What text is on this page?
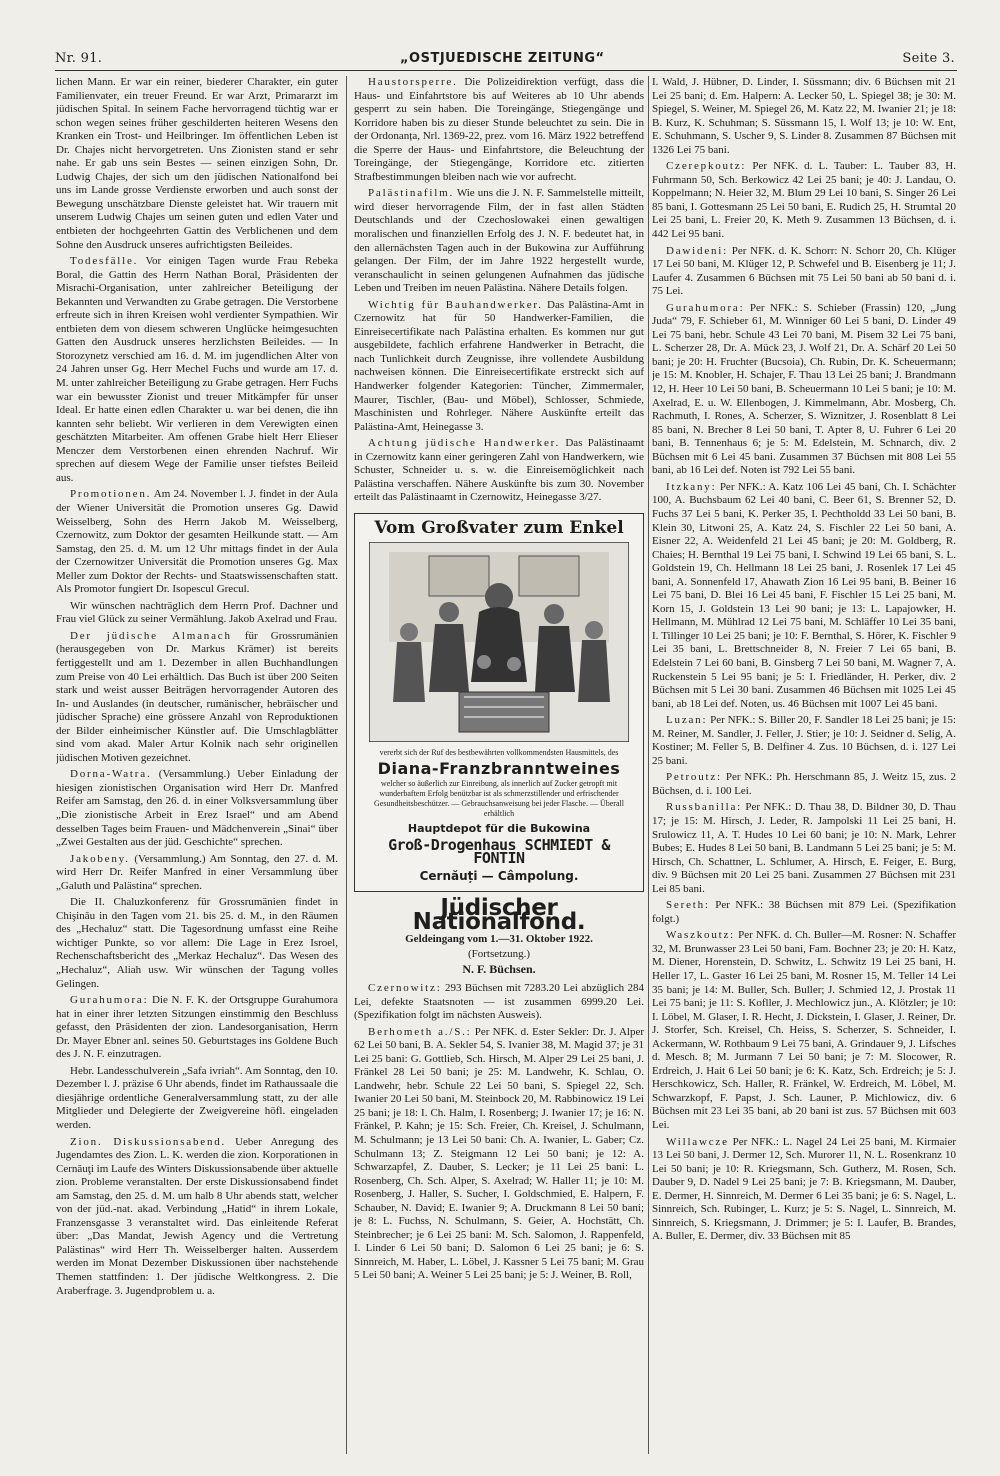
Nr. 91.	„OSTJUEDISCHE ZEITUNG“	Seite 3.

lichen Mann. Er war ein reiner, biederer Charakter, ein guter Familienvater, ein treuer Freund. Er war Arzt, Primararzt im jüdischen Spital. In seinem Fache hervorragend tüchtig war er schon wegen seines früher geschilderten heiteren Wesens den Kranken ein Trost- und Heilbringer. Im öffentlichen Leben ist Dr. Chajes nicht hervorgetreten. Uns Zionisten stand er sehr nahe. Er gab uns sein Bestes — seinen einzigen Sohn, Dr. Ludwig Chajes, der sich um den jüdischen Nationalfond bei uns im Lande grosse Verdienste erworben und auch sonst der Bewegung unschätzbare Dienste geleistet hat. Wir trauern mit unserem Ludwig Chajes um seinen guten und edlen Vater und entbieten der hochgeehrten Gattin des Verblichenen und dem Sohne den Ausdruck unseres aufrichtigsten Beileides.

Todesfälle. Vor einigen Tagen wurde Frau Rebeka Boral, die Gattin des Herrn Nathan Boral, Präsidenten der Misrachi-Organisation, unter zahlreicher Beteiligung der Bekannten und Verwandten zu Grabe getragen. Die Verstorbene erfreute sich in ihren Kreisen wohl verdienter Sympathien. Wir entbieten dem von diesem schweren Unglücke heimgesuchten Gatten den Ausdruck unseres herzlichsten Beileides. — In Storozynetz verschied am 16. d. M. im jugendlichen Alter von 24 Jahren unser Gg. Herr Mechel Fuchs und wurde am 17. d. M. unter zahlreicher Beteiligung zu Grabe getragen. Herr Fuchs war ein bewusster Zionist und treuer Mitkämpfer für unser Ideal. Er hatte einen edlen Charakter u. war bei denen, die ihn kannten sehr beliebt. Wir verlieren in dem Verewigten einen geschätzten Mitarbeiter. Am offenen Grabe hielt Herr Elieser Menczer dem Verstorbenen einen ehrenden Nachruf. Wir sprechen auf diesem Wege der Familie unser tiefstes Beileid aus.

Promotionen. Am 24. November l. J. findet in der Aula der Wiener Universität die Promotion unseres Gg. Dawid Weisselberg, Sohn des Herrn Jakob M. Weisselberg, Czernowitz, zum Doktor der gesamten Heilkunde statt. — Am Samstag, den 25. d. M. um 12 Uhr mittags findet in der Aula der Czernowitzer Universität die Promotion unseres Gg. Max Meller zum Doktor der Rechts- und Staatswissenschaften statt. Als Promotor fungiert Dr. Isopescul Grecul.

Wir wünschen nachträglich dem Herrn Prof. Dachner und Frau viel Glück zu seiner Vermählung. Jakob Axelrad und Frau.

Der jüdische Almanach für Grossrumänien (herausgegeben von Dr. Markus Krämer) ist bereits fertiggestellt und am 1. Dezember in allen Buchhandlungen zum Preise von 40 Lei erhältlich. Das Buch ist über 200 Seiten stark und weist ausser Beiträgen hervorragender Autoren des In- und Auslandes (in deutscher, rumänischer, hebräischer und jüdischer Sprache) eine grössere Anzahl von Reproduktionen der Bilder einheimischer Künstler auf. Die Umschlagblätter sind vom akad. Maler Artur Kolnik nach sehr originellen jüdischen Motiven gezeichnet.

Dorna-Watra. (Versammlung.) Ueber Einladung der hiesigen zionistischen Organisation wird Herr Dr. Manfred Reifer am Samstag, den 26. d. in einer Volksversammlung über „Die zionistische Arbeit in Erez Israel“ und am Abend desselben Tages beim Frauen- und Mädchenverein „Sinai“ über „Zwei Gestalten aus der jüd. Geschichte“ sprechen.

Jakobeny. (Versammlung.) Am Sonntag, den 27. d. M. wird Herr Dr. Reifer Manfred in einer Versammlung über „Galuth und Palästina“ sprechen.

Die II. Chaluzkonferenz für Grossrumänien findet in Chişinău in den Tagen vom 21. bis 25. d. M., in den Räumen des „Hechaluz“ statt. Die Tagesordnung umfasst eine Reihe wichtiger Punkte, so vor allem: Die Lage in Erez Isroel, Rechenschaftsbericht des „Merkaz Hechaluz“. Das Wesen des „Hechaluz“, Aliah usw. Wir wünschen der Tagung volles Gelingen.

Gurahumora: Die N. F. K. der Ortsgruppe Gurahumora hat in einer ihrer letzten Sitzungen einstimmig den Beschluss gefasst, den Präsidenten der zion. Landesorganisation, Herrn Dr. Mayer Ebner anl. seines 50. Geburtstages ins Goldene Buch des J. N. F. einzutragen.

Hebr. Landesschulverein „Safa ivriah“. Am Sonntag, den 10. Dezember l. J. präzise 6 Uhr abends, findet im Rathaussaale die diesjährige ordentliche Generalversammlung statt, zu der alle Mitglieder und Delegierte der Zweigvereine höfl. eingeladen werden.

Zion. Diskussionsabend. Ueber Anregung des Jugendamtes des Zion. L. K. werden die zion. Korporationen in Cernăuţi im Laufe des Winters Diskussionsabende über aktuelle zion. Probleme veranstalten. Der erste Diskussionsabend findet am Samstag, den 25. d. M. um halb 8 Uhr abends statt, welcher von der jüd.-nat. akad. Verbindung „Hatid“ in ihrem Lokale, Franzensgasse 3 veranstaltet wird. Das einleitende Referat über: „Das Mandat, Jewish Agency und die Vertretung Palästinas“ wird Herr Th. Weisselberger halten. Ausserdem werden im Monat Dezember Diskussionen über nachstehende Themen stattfinden: 1. Der jüdische Weltkongress. 2. Die Araberfrage. 3. Jugendproblem u. a.

Haustorsperre. Die Polizeidirektion verfügt, dass die Haus- und Einfahrtstore bis auf Weiteres ab 10 Uhr abends gesperrt zu sein haben. Die Toreingänge, Stiegengänge und Korridore haben bis zu dieser Stunde beleuchtet zu sein. Die in der Ordonanța, Nrl. 1369-22, prez. vom 16. März 1922 betreffend die Sperre der Haus- und Einfahrtstore, die Beleuchtung der Toreingänge, der Stiegengänge, Korridore etc. zitierten Strafbestimmungen bleiben nach wie vor aufrecht.

Palästinafilm. Wie uns die J. N. F. Sammelstelle mitteilt, wird dieser hervorragende Film, der in fast allen Städten Deutschlands und der Czechoslowakei einen gewaltigen moralischen und finanziellen Erfolg des J. N. F. bedeutet hat, in den allernächsten Tagen auch in der Bukowina zur Aufführung gelangen. Der Film, der im Jahre 1922 hergestellt wurde, veranschaulicht in seinen gelungenen Aufnahmen das jüdische Leben und Treiben im neuen Palästina. Nähere Details folgen.

Wichtig für Bauhandwerker. Das Palästina-Amt in Czernowitz hat für 50 Handwerker-Familien, die Einreisecertifikate nach Palästina erhalten. Es kommen nur gut ausgebildete, fachlich erfahrene Handwerker in Betracht, die nach Tunlichkeit durch Zeugnisse, ihre vollendete Ausbildung nachweisen können. Die Einreisecertifikate erstreckt sich auf Handwerker folgender Kategorien: Tüncher, Zimmermaler, Maurer, Tischler, (Bau- und Möbel), Schlosser, Schmiede, Maschinisten und Rohrleger. Nähere Auskünfte erteilt das Palästina-Amt, Heinegasse 3.

Achtung jüdische Handwerker. Das Palästinaamt in Czernowitz kann einer geringeren Zahl von Handwerkern, wie Schuster, Schneider u. s. w. die Einreisemöglichkeit nach Palästina verschaffen. Nähere Auskünfte bis zum 30. November erteilt das Palästinaamt in Czernowitz, Heinegasse 3/27.

Vom Großvater zum Enkel
vererbt sich der Ruf des bestbewährten vollkommendsten Hausmittels, des
Diana-Franzbranntweines
welcher so äußerlich zur Einreibung, als innerlich auf Zucker getropft mit wunderbaftem Erfolg benützbar ist als schmerzstillender und erfrischender Gesundheitsbeschützer. — Gebrauchsanweisung bei jeder Flasche. — Überall erhältlich
Hauptdepot für die Bukowina
Groß-Drogenhaus SCHMIEDT & FONTIN
Cernăuți — Câmpolung.
Jüdischer Nationalfond.
Geldeingang vom 1.—31. Oktober 1922.
(Fortsetzung.)
N. F. Büchsen.

Czernowitz: 293 Büchsen mit 7283.20 Lei abzüglich 284 Lei, defekte Staatsnoten — ist zusammen 6999.20 Lei. (Spezifikation folgt im nächsten Ausweis).

Berhometh a./S.: Per NFK. d. Ester Sekler: Dr. J. Alper 62 Lei 50 bani, B. A. Sekler 54, S. Ivanier 38, M. Magid 37; je 31 Lei 25 bani: G. Gottlieb, Sch. Hirsch, M. Alper 29 Lei 25 bani, J. Fränkel 28 Lei 50 bani; je 25: M. Landwehr, K. Schlau, O. Landwehr, hebr. Schule 22 Lei 50 bani, S. Spiegel 22, Sch. Iwanier 20 Lei 50 bani, M. Steinbock 20, M. Rabbinowicz 19 Lei 25 bani; je 18: I. Ch. Halm, I. Rosenberg; J. Iwanier 17; je 16: N. Fränkel, P. Kahn; je 15: Sch. Freier, Ch. Kreisel, J. Schulmann, M. Schulmann; je 13 Lei 50 bani: Ch. A. Iwanier, L. Gaber; Cz. Schulmann 13; Z. Steigmann 12 Lei 50 bani; je 12: A. Schwarzapfel, Z. Dauber, S. Lecker; je 11 Lei 25 bani: L. Rosenberg, Ch. Sch. Alper, S. Axelrad; W. Haller 11; je 10: M. Rosenberg, J. Haller, S. Sucher, I. Goldschmied, E. Halpern, F. Schauber, N. David; E. Iwanier 9; A. Druckmann 8 Lei 50 bani; je 8: L. Fuchss, N. Schulmann, S. Geier, A. Hochstätt, Ch. Steinbrecher; je 6 Lei 25 bani: M. Sch. Salomon, J. Rappenfeld, I. Linder 6 Lei 50 bani; D. Salomon 6 Lei 25 bani; je 6: S. Sinnreich, M. Haber, L. Löbel, J. Kassner 5 Lei 75 bani; M. Grau 5 Lei 50 bani; A. Weiner 5 Lei 25 bani; je 5: J. Weiner, B. Roll,

I. Wald, J. Hübner, D. Linder, I. Süssmann; div. 6 Büchsen mit 21 Lei 25 bani; d. Em. Halpern: A. Lecker 50, L. Spiegel 38; je 30: M. Spiegel, S. Weiner, M. Spiegel 26, M. Katz 22, M. Iwanier 21; je 18: B. Kurz, K. Schuhman; S. Süssmann 15, I. Wolf 13; je 10: W. Ent, E. Schuhmann, S. Uscher 9, S. Linder 8. Zusammen 87 Büchsen mit 1326 Lei 75 bani.

Czerepkoutz: Per NFK. d. L. Tauber: L. Tauber 83, H. Fuhrmann 50, Sch. Berkowicz 42 Lei 25 bani; je 40: J. Landau, O. Koppelmann; N. Heier 32, M. Blum 29 Lei 10 bani, S. Singer 26 Lei 85 bani, I. Gottesmann 25 Lei 50 bani, E. Rudich 25, H. Strumtal 20 Lei 25 bani, L. Freier 20, K. Meth 9. Zusammen 13 Büchsen, d. i. 442 Lei 95 bani.

Dawideni: Per NFK. d. K. Schorr: N. Schorr 20, Ch. Klüger 17 Lei 50 bani, M. Klüger 12, P. Schwefel und B. Eisenberg je 11; J. Laufer 4. Zusammen 6 Büchsen mit 75 Lei 50 bani ab 50 bani d. i. 75 Lei.

Gurahumora: Per NFK.: S. Schieber (Frassin) 120, „Jung Juda“ 79, F. Schieber 61, M. Winniger 60 Lei 5 bani, D. Linder 49 Lei 75 bani, hebr. Schule 43 Lei 70 bani, M. Pisem 32 Lei 75 bani, L. Scherzer 28, Dr. A. Mück 23, J. Wolf 21, Dr. A. Schärf 20 Lei 50 bani; je 20: H. Fruchter (Bucsoia), Ch. Rubin, Dr. K. Scheuermann; je 15: M. Knobler, H. Schajer, F. Thau 13 Lei 25 bani; J. Brandmann 12, H. Heer 10 Lei 50 bani, B. Scheuermann 10 Lei 5 bani; je 10: M. Axelrad, E. u. W. Ellenbogen, J. Kimmelmann, Abr. Mosberg, Ch. Rachmuth, I. Rones, A. Scherzer, S. Wiznitzer, J. Rosenblatt 8 Lei 85 bani, N. Brecher 8 Lei 50 bani, T. Apter 8, U. Fuhrer 6 Lei 20 bani, B. Tennenhaus 6; je 5: M. Edelstein, M. Schnarch, div. 2 Büchsen mit 6 Lei 45 bani. Zusammen 37 Büchsen mit 808 Lei 55 bani, ab 16 Lei def. Noten ist 792 Lei 55 bani.

Itzkany: Per NFK.: A. Katz 106 Lei 45 bani, Ch. I. Schächter 100, A. Buchsbaum 62 Lei 40 bani, C. Beer 61, S. Brenner 52, D. Fuchs 37 Lei 5 bani, K. Perker 35, I. Pechtholdd 33 Lei 50 bani, B. Klein 30, Litwoni 25, A. Katz 24, S. Fischler 22 Lei 50 bani, A. Eisner 22, A. Weidenfeld 21 Lei 45 bani; je 20: M. Goldberg, R. Chaies; H. Bernthal 19 Lei 75 bani, I. Schwind 19 Lei 65 bani, S. L. Goldstein 19, Ch. Hellmann 18 Lei 25 bani, J. Rosenlek 17 Lei 45 bani, A. Sonnenfeld 17, Ahawath Zion 16 Lei 95 bani, B. Beiner 16 Lei 75 bani, D. Blei 16 Lei 45 bani, F. Fischler 15 Lei 25 bani, M. Korn 15, J. Goldstein 13 Lei 90 bani; je 13: L. Lapajowker, H. Hellmann, M. Mühlrad 12 Lei 75 bani, M. Schläffer 10 Lei 35 bani, I. Tillinger 10 Lei 25 bani; je 10: F. Bernthal, S. Hörer, K. Fischler 9 Lei 35 bani, L. Brettschneider 8, N. Freier 7 Lei 65 bani, B. Edelstein 7 Lei 60 bani, B. Ginsberg 7 Lei 50 bani, M. Wagner 7, A. Ruckenstein 5 Lei 95 bani; je 5: I. Friedländer, H. Perker, div. 2 Büchsen mit 5 Lei 30 bani. Zusammen 46 Büchsen mit 1025 Lei 45 bani, ab 18 Lei def. Noten, us. 46 Büchsen mit 1007 Lei 45 bani.

Luzan: Per NFK.: S. Biller 20, F. Sandler 18 Lei 25 bani; je 15: M. Reiner, M. Sandler, J. Feller, J. Stier; je 10: J. Seidner d. Selig, A. Kostiner; M. Feller 5, B. Delfiner 4. Zus. 10 Büchsen, d. i. 127 Lei 25 bani.

Petroutz: Per NFK.: Ph. Herschmann 85, J. Weitz 15, zus. 2 Büchsen, d. i. 100 Lei.

Russbanilla: Per NFK.: D. Thau 38, D. Bildner 30, D. Thau 17; je 15: M. Hirsch, J. Leder, R. Jampolski 11 Lei 25 bani, H. Srulowicz 11, A. T. Hudes 10 Lei 60 bani; je 10: N. Mark, Lehrer Bubes; E. Hudes 8 Lei 50 bani, B. Landmann 5 Lei 25 bani; je 5: M. Hirsch, Ch. Schattner, L. Schlumer, A. Hirsch, E. Feiger, E. Burg, div. 9 Büchsen mit 20 Lei 25 bani. Zusammen 27 Büchsen mit 231 Lei 85 bani.

Sereth: Per NFK.: 38 Büchsen mit 879 Lei. (Spezifikation folgt.)

Waszkoutz: Per NFK. d. Ch. Buller—M. Rosner: N. Schaffer 32, M. Brunwasser 23 Lei 50 bani, Fam. Bochner 23; je 20: H. Katz, M. Diener, Horenstein, D. Schwitz, L. Schwitz 19 Lei 25 bani, H. Heller 17, L. Gaster 16 Lei 25 bani, M. Rosner 15, M. Teller 14 Lei 35 bani; je 14: M. Buller, Sch. Buller; J. Schmied 12, J. Prostak 11 Lei 75 bani; je 11: S. Kofller, J. Mechlowicz jun., A. Klötzler; je 10: I. Löbel, M. Glaser, I. R. Hecht, J. Dickstein, I. Glaser, J. Reiner, Dr. J. Storfer, Sch. Kreisel, Ch. Heiss, S. Scherzer, S. Schneider, I. Ackermann, W. Rothbaum 9 Lei 75 bani, A. Grindauer 9, J. Lifsches d. Mesch. 8; M. Jurmann 7 Lei 50 bani; je 7: M. Slocower, R. Erdreich, J. Hait 6 Lei 50 bani; je 6: K. Katz, Sch. Erdreich; je 5: J. Herschkowicz, Sch. Haller, R. Fränkel, W. Erdreich, M. Löbel, M. Schwarzkopf, F. Papst, J. Sch. Launer, P. Michlowicz, div. 6 Büchsen mit 23 Lei 35 bani, ab 20 bani ist zus. 57 Büchsen mit 603 Lei.

Willawcze Per NFK.: L. Nagel 24 Lei 25 bani, M. Kirmaier 13 Lei 50 bani, J. Dermer 12, Sch. Murorer 11, N. L. Rosenkranz 10 Lei 50 bani; je 10: R. Kriegsmann, Sch. Gutherz, M. Rosen, Sch. Dauber 9, D. Nadel 9 Lei 25 bani; je 7: B. Kriegsmann, M. Dauber, E. Dermer, H. Sinnreich, M. Dermer 6 Lei 35 bani; je 6: S. Nagel, L. Sinnreich, Sch. Rubinger, L. Kurz; je 5: S. Nagel, L. Sinnreich, M. Sinnreich, S. Kriegsmann, J. Drimmer; je 5: I. Laufer, B. Brandes, A. Buller, E. Dermer, div. 33 Büchsen mit 85
